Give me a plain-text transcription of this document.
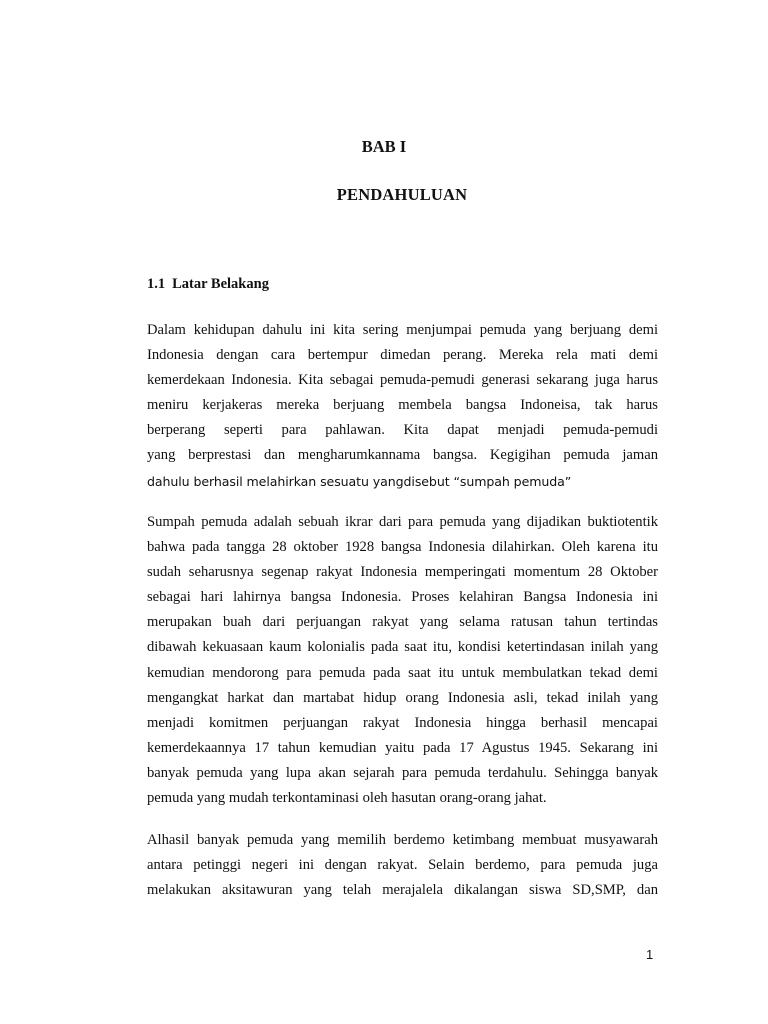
BAB I
PENDAHULUAN
1.1 Latar Belakang

Dalam kehidupan dahulu ini kita sering menjumpai pemuda yang berjuang demi
Indonesia dengan cara bertempur dimedan perang. Mereka rela mati demi
kemerdekaan Indonesia. Kita sebagai pemuda-pemudi generasi sekarang juga harus
meniru kerjakeras mereka berjuang membela bangsa Indoneisa, tak harus
berperang seperti para pahlawan. Kita dapat menjadi pemuda-pemudi
yang berprestasi dan mengharumkannama bangsa. Kegigihan pemuda jaman
dahulu berhasil melahirkan sesuatu yangdisebut “sumpah pemuda”

Sumpah pemuda adalah sebuah ikrar dari para pemuda yang dijadikan buktiotentik
bahwa pada tangga 28 oktober 1928 bangsa Indonesia dilahirkan. Oleh karena itu
sudah seharusnya segenap rakyat Indonesia memperingati momentum 28 Oktober
sebagai hari lahirnya bangsa Indonesia. Proses kelahiran Bangsa Indonesia ini
merupakan buah dari perjuangan rakyat yang selama ratusan tahun tertindas
dibawah kekuasaan kaum kolonialis pada saat itu, kondisi ketertindasan inilah yang
kemudian mendorong para pemuda pada saat itu untuk membulatkan tekad demi
mengangkat harkat dan martabat hidup orang Indonesia asli, tekad inilah yang
menjadi komitmen perjuangan rakyat Indonesia hingga berhasil mencapai
kemerdekaannya 17 tahun kemudian yaitu pada 17 Agustus 1945. Sekarang ini
banyak pemuda yang lupa akan sejarah para pemuda terdahulu. Sehingga banyak
pemuda yang mudah terkontaminasi oleh hasutan orang-orang jahat.

Alhasil banyak pemuda yang memilih berdemo ketimbang membuat musyawarah
antara petinggi negeri ini dengan rakyat. Selain berdemo, para pemuda juga
melakukan aksitawuran yang telah merajalela dikalangan siswa SD,SMP, dan

1
